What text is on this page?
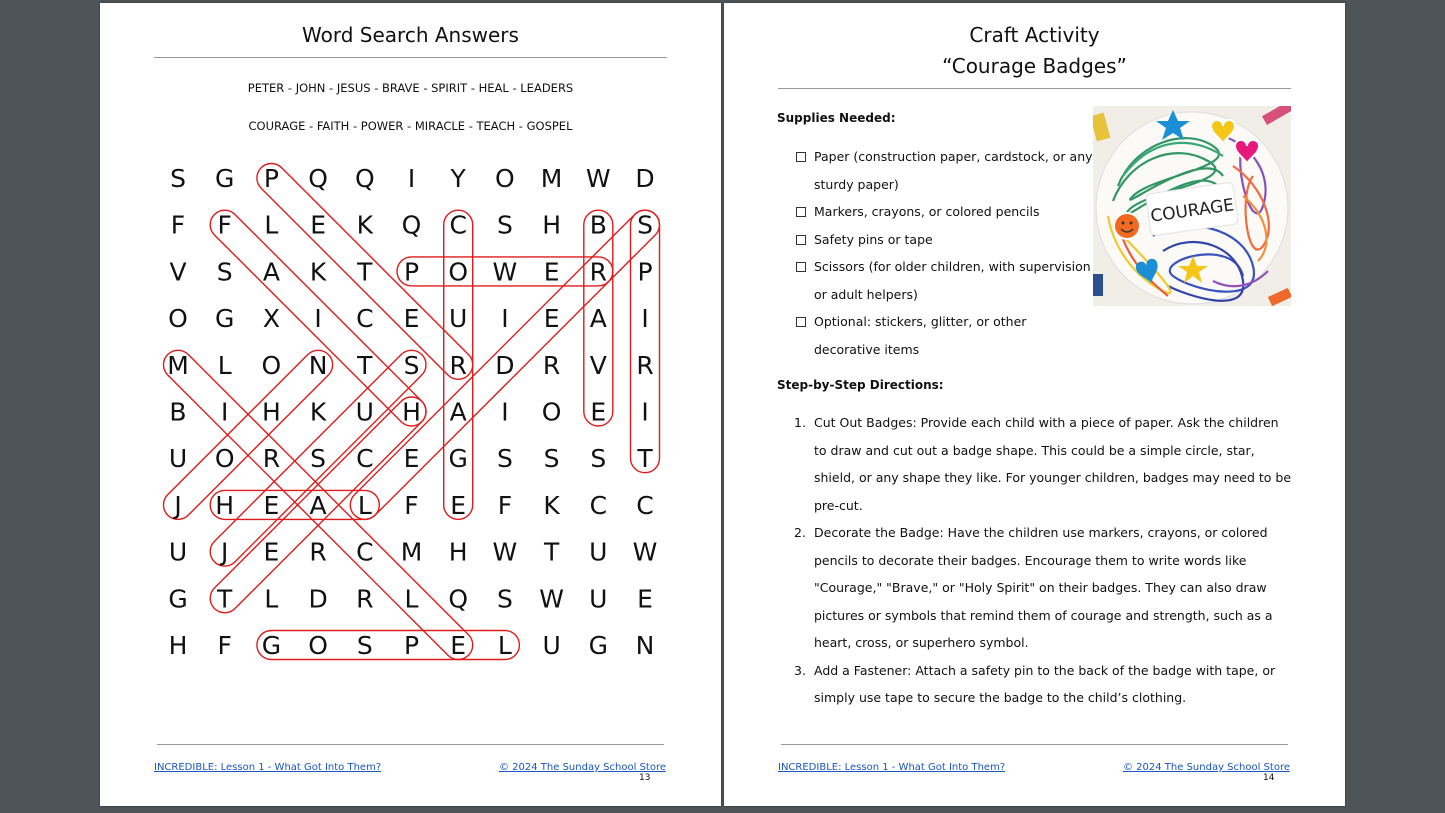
Word Search Answers
PETER - JOHN - JESUS - BRAVE - SPIRIT - HEAL - LEADERS
COURAGE - FAITH - POWER - MIRACLE - TEACH - GOSPEL
S G P Q Q I Y O M W D
F F L E K Q C S H B S
V S A K T P O W E R P
O G X I C E U I E A I
M L O N T S R D R V R
B I H K U H A I O E I
U O R S C E G S S S T
J H E A L F E F K C C
U J E R C M H W T U W
G T L D R L Q S W U E
H F G O S P E L U G N
INCREDIBLE: Lesson 1 - What Got Into Them?	© 2024 The Sunday School Store
13
Craft Activity
“Courage Badges”
Supplies Needed:
Paper (construction paper, cardstock, or any sturdy paper)
Markers, crayons, or colored pencils
Safety pins or tape
Scissors (for older children, with supervision or adult helpers)
Optional: stickers, glitter, or other decorative items
COURAGE
Step-by-Step Directions:
1. Cut Out Badges: Provide each child with a piece of paper. Ask the children to draw and cut out a badge shape. This could be a simple circle, star, shield, or any shape they like. For younger children, badges may need to be pre-cut.
2. Decorate the Badge: Have the children use markers, crayons, or colored pencils to decorate their badges. Encourage them to write words like "Courage," "Brave," or "Holy Spirit" on their badges. They can also draw pictures or symbols that remind them of courage and strength, such as a heart, cross, or superhero symbol.
3. Add a Fastener: Attach a safety pin to the back of the badge with tape, or simply use tape to secure the badge to the child’s clothing.
INCREDIBLE: Lesson 1 - What Got Into Them?	© 2024 The Sunday School Store
14
